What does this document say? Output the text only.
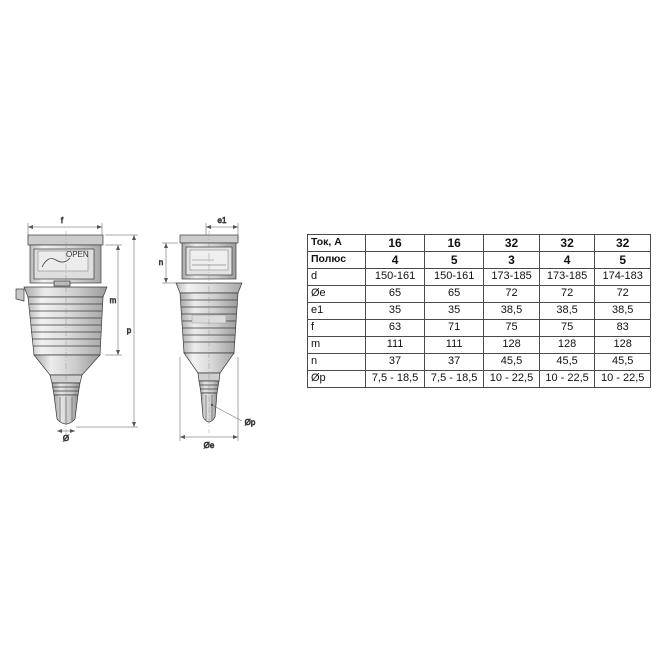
f
OPEN
m
p
Ø
e1
n
Øp
Øe
Ток, А	16	16	32	32	32
Полюс	4	5	3	4	5
d	150-161	150-161	173-185	173-185	174-183
Øe	65	65	72	72	72
e1	35	35	38,5	38,5	38,5
f	63	71	75	75	83
m	111	111	128	128	128
n	37	37	45,5	45,5	45,5
Øp	7,5 - 18,5	7,5 - 18,5	10 - 22,5	10 - 22,5	10 - 22,5
